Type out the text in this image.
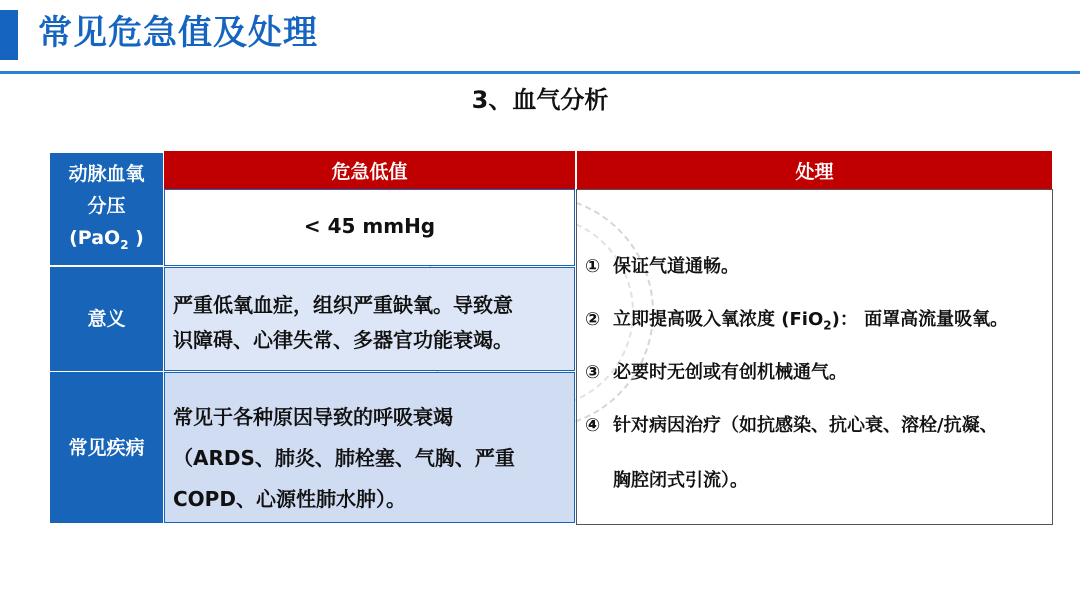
常见危急值及处理
3、血气分析
动脉血氧
分压
(PaO$_2$ )
危急低值	处理
< 45 mmHg
意义
严重低氧血症，组织严重缺氧。导致意
识障碍、心律失常、多器官功能衰竭。
常见疾病
常见于各种原因导致的呼吸衰竭
（ARDS、肺炎、肺栓塞、气胸、严重
COPD、心源性肺水肿）。
① 保证气道通畅。
② 立即提高吸入氧浓度 (FiO$_2$)： 面罩高流量吸氧。
③ 必要时无创或有创机械通气。
④ 针对病因治疗（如抗感染、抗心衰、溶栓/抗凝、
胸腔闭式引流）。
